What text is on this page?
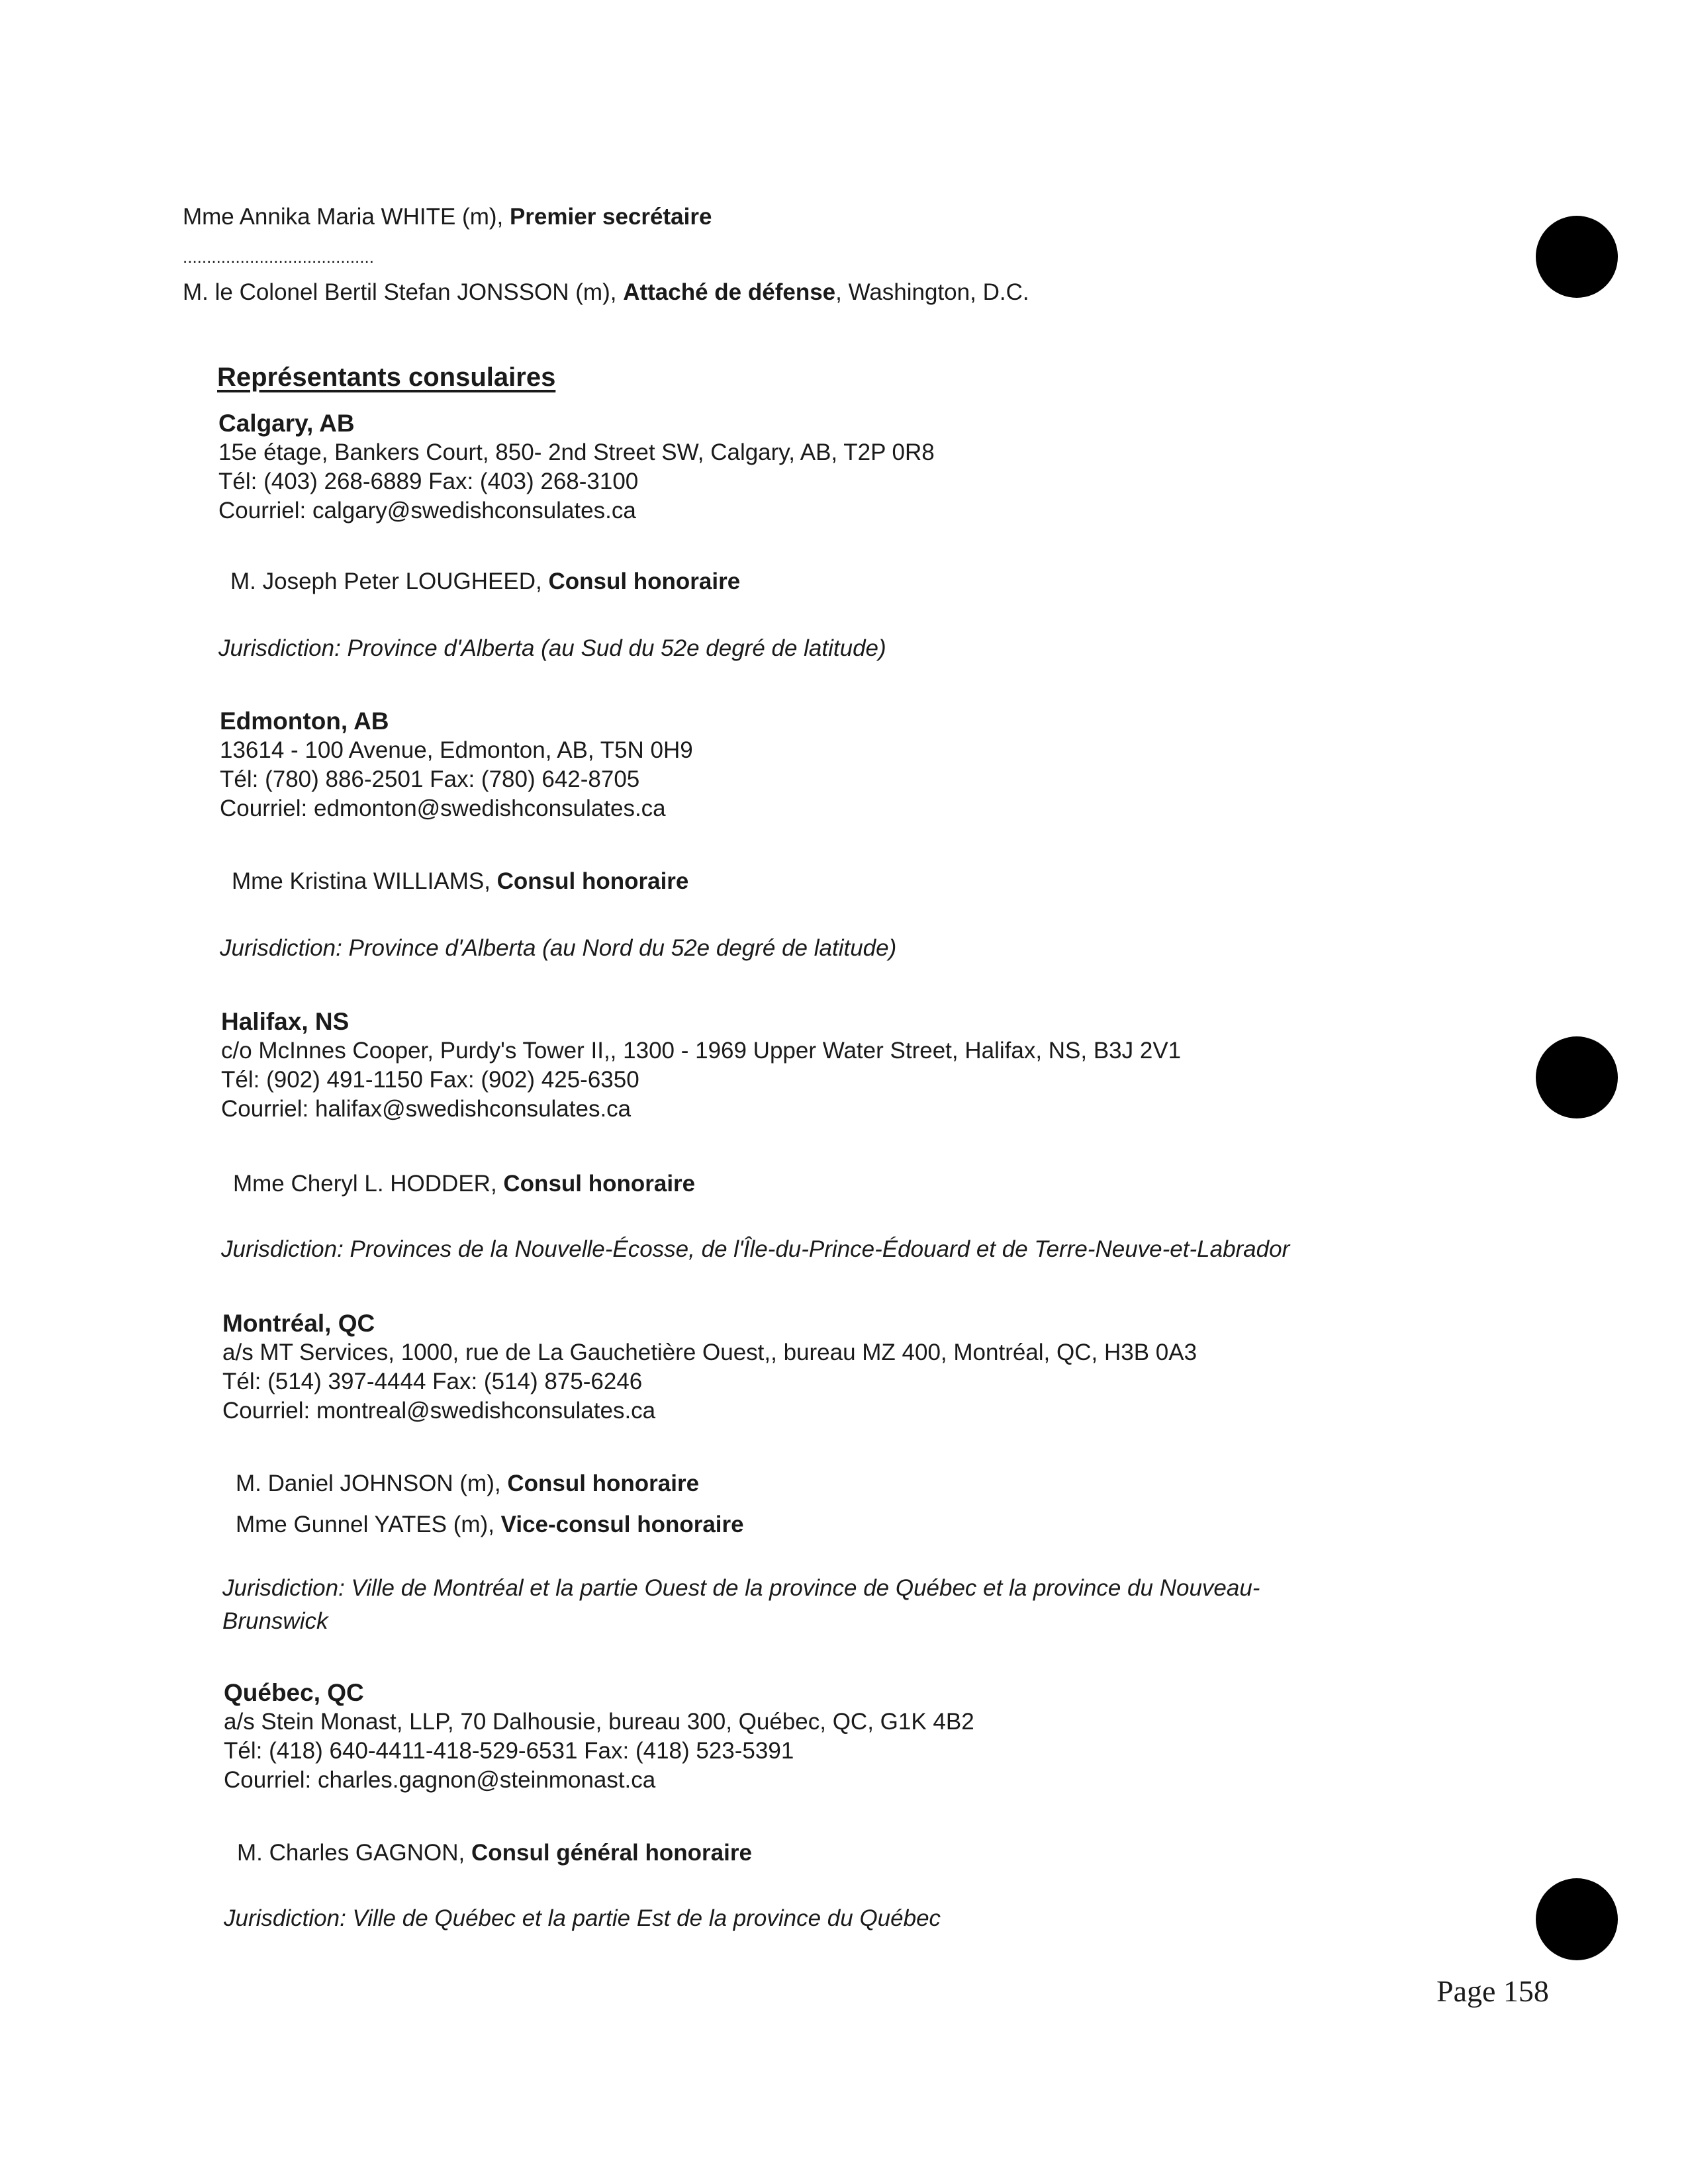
Mme Annika Maria WHITE (m), Premier secrétaire
........................................
M. le Colonel Bertil Stefan JONSSON (m), Attaché de défense, Washington, D.C.
Représentants consulaires
Calgary, AB
15e étage, Bankers Court, 850- 2nd Street SW, Calgary, AB, T2P 0R8
Tél: (403) 268-6889 Fax: (403) 268-3100
Courriel: calgary@swedishconsulates.ca
M. Joseph Peter LOUGHEED, Consul honoraire
Jurisdiction: Province d'Alberta (au Sud du 52e degré de latitude)
Edmonton, AB
13614 - 100 Avenue, Edmonton, AB, T5N 0H9
Tél: (780) 886-2501 Fax: (780) 642-8705
Courriel: edmonton@swedishconsulates.ca
Mme Kristina WILLIAMS, Consul honoraire
Jurisdiction: Province d'Alberta (au Nord du 52e degré de latitude)
Halifax, NS
c/o McInnes Cooper, Purdy's Tower II,, 1300 - 1969 Upper Water Street, Halifax, NS, B3J 2V1
Tél: (902) 491-1150 Fax: (902) 425-6350
Courriel: halifax@swedishconsulates.ca
Mme Cheryl L. HODDER, Consul honoraire
Jurisdiction: Provinces de la Nouvelle-Écosse, de l'Île-du-Prince-Édouard et de Terre-Neuve-et-Labrador
Montréal, QC
a/s MT Services, 1000, rue de La Gauchetière Ouest,, bureau MZ 400, Montréal, QC, H3B 0A3
Tél: (514) 397-4444 Fax: (514) 875-6246
Courriel: montreal@swedishconsulates.ca
M. Daniel JOHNSON (m), Consul honoraire
Mme Gunnel YATES (m), Vice-consul honoraire
Jurisdiction: Ville de Montréal et la partie Ouest de la province de Québec et la province du Nouveau-
Brunswick
Québec, QC
a/s Stein Monast, LLP, 70 Dalhousie, bureau 300, Québec, QC, G1K 4B2
Tél: (418) 640-4411-418-529-6531 Fax: (418) 523-5391
Courriel: charles.gagnon@steinmonast.ca
M. Charles GAGNON, Consul général honoraire
Jurisdiction: Ville de Québec et la partie Est de la province du Québec
Page 158
